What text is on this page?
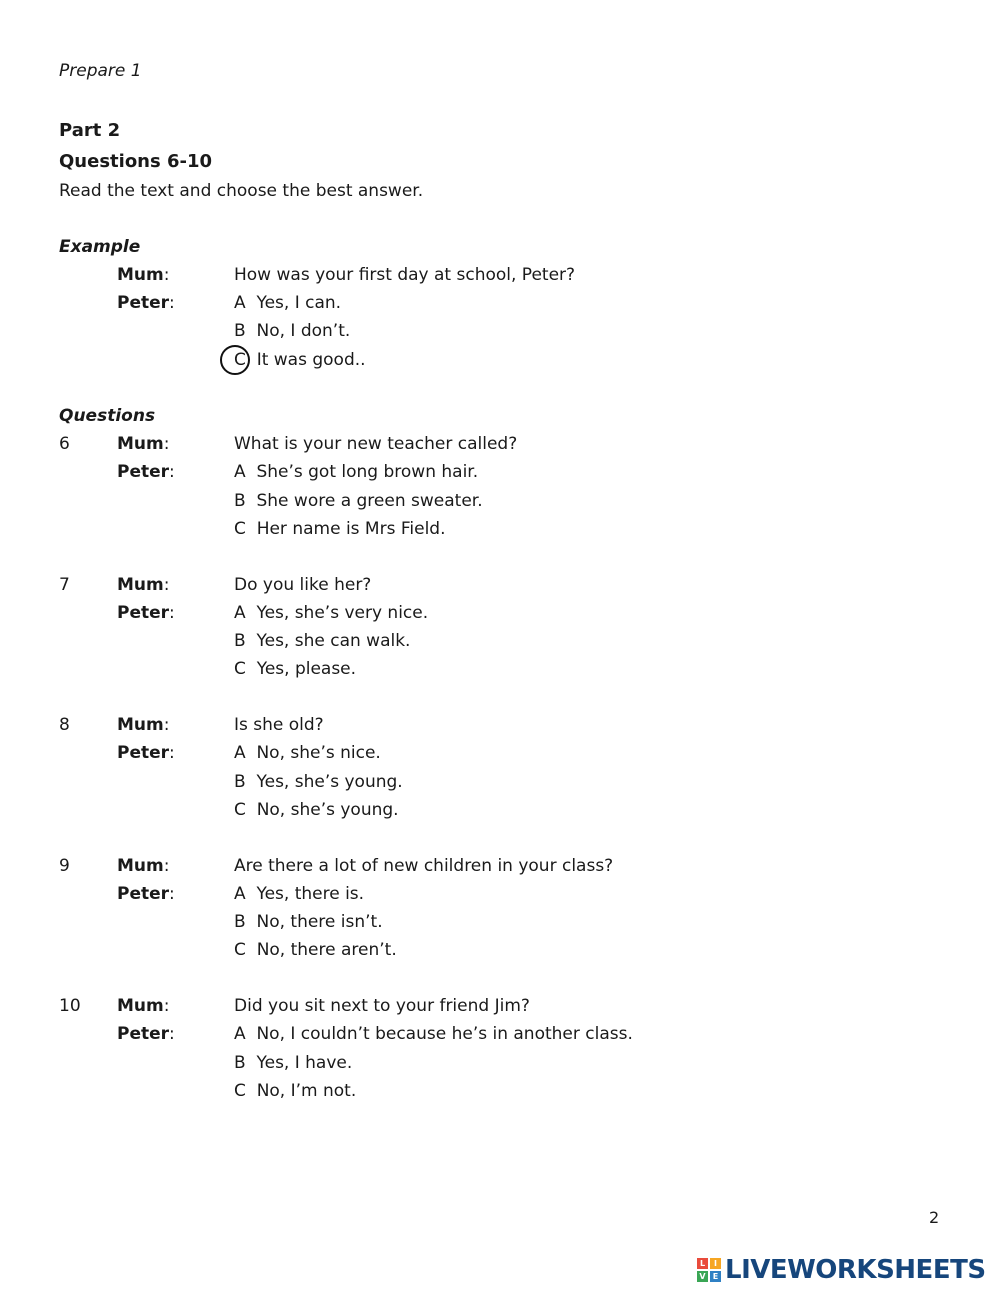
Prepare 1
Part 2
Questions 6-10
Read the text and choose the best answer.
Example
Mum:	How was your first day at school, Peter?
Peter:	A Yes, I can.
B No, I don’t.
C It was good..
Questions
6	Mum:	What is your new teacher called?
Peter:	A She’s got long brown hair.
B She wore a green sweater.
C Her name is Mrs Field.
7	Mum:	Do you like her?
Peter:	A Yes, she’s very nice.
B Yes, she can walk.
C Yes, please.
8	Mum:	Is she old?
Peter:	A No, she’s nice.
B Yes, she’s young.
C No, she’s young.
9	Mum:	Are there a lot of new children in your class?
Peter:	A Yes, there is.
B No, there isn’t.
C No, there aren’t.
10 Mum:	Did you sit next to your friend Jim?
Peter:	A No, I couldn’t because he’s in another class.
B Yes, I have.
C No, I’m not.
2
L	I
V E LIVEWORKSHEETS
